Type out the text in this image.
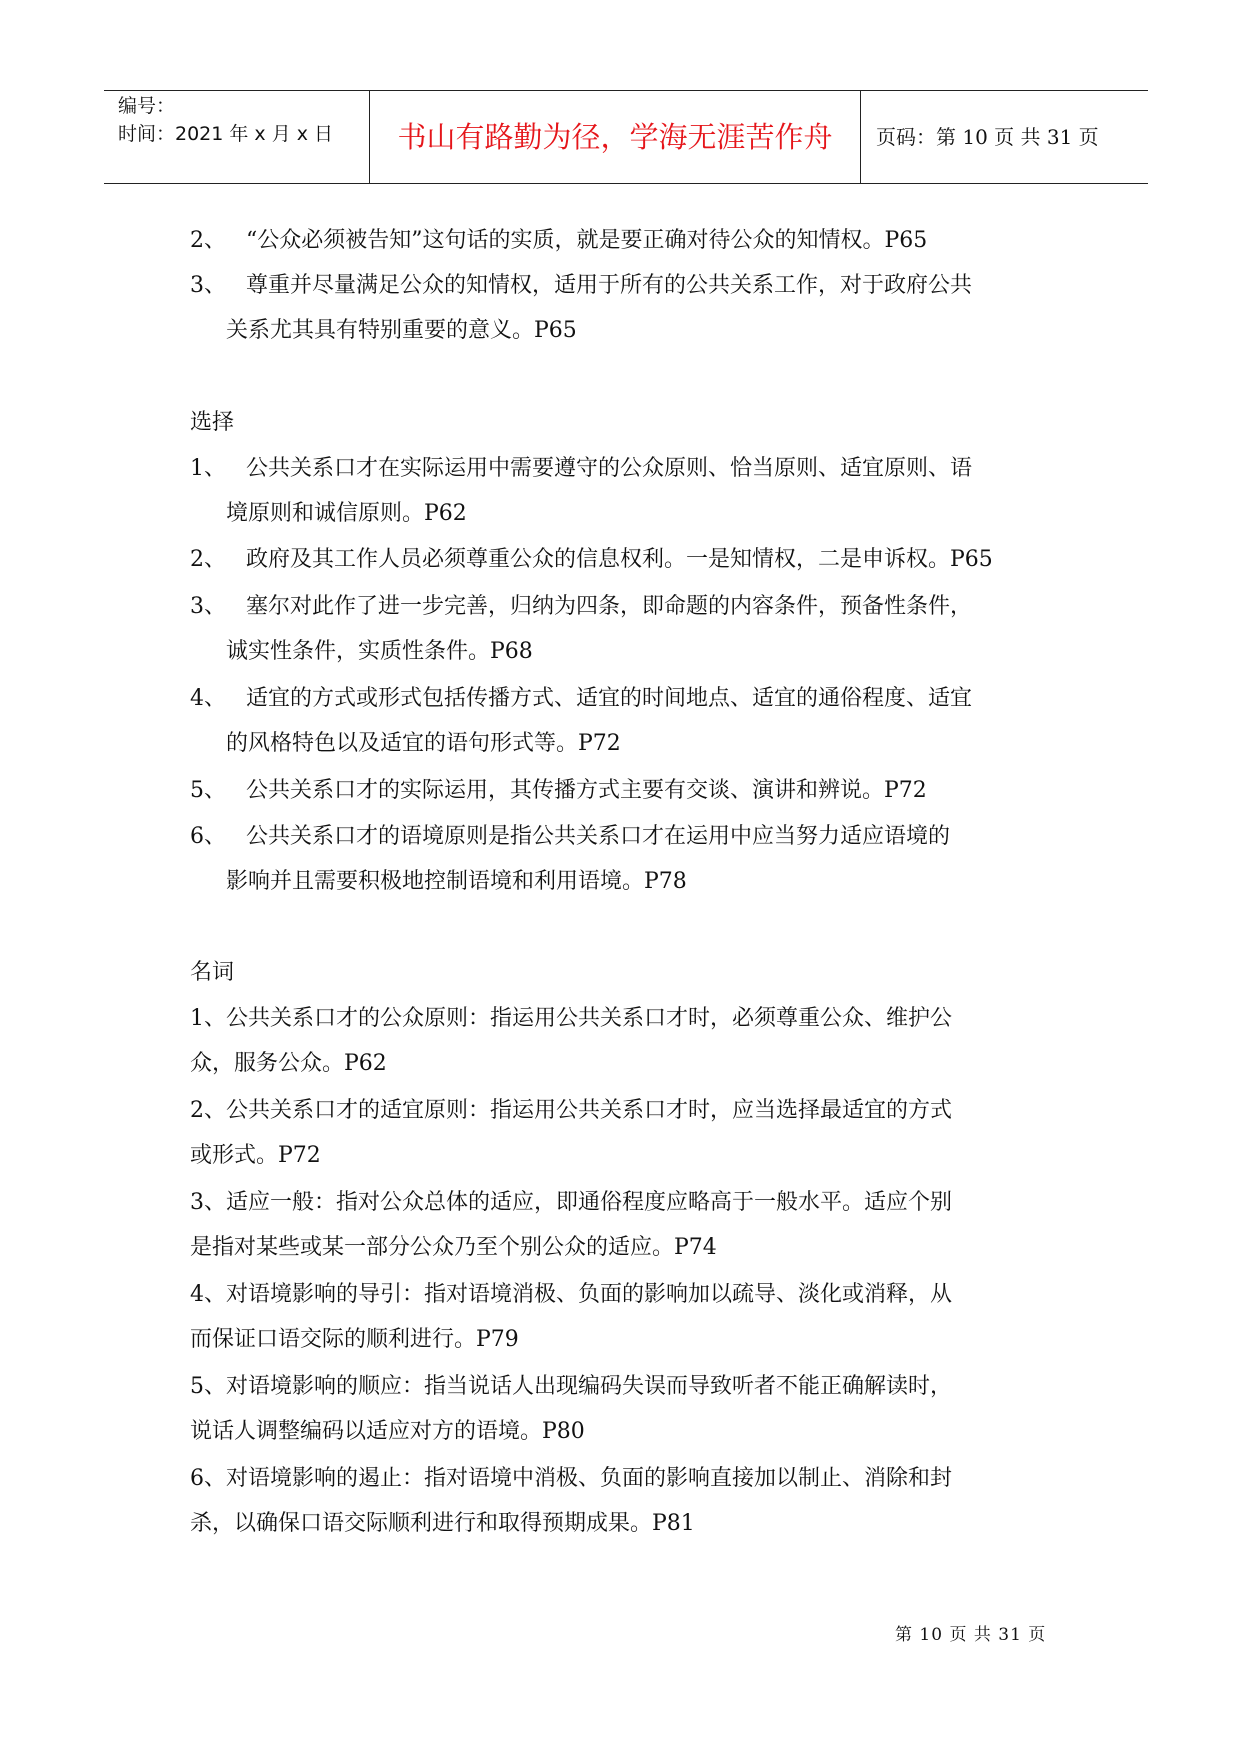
编号：
时间：2021 年 x 月 x 日	书山有路勤为径，学海无涯苦作舟	页码：第 10 页 共 31 页
2、 “公众必须被告知”这句话的实质，就是要正确对待公众的知情权。P65
3、 尊重并尽量满足公众的知情权，适用于所有的公共关系工作，对于政府公共
关系尤其具有特别重要的意义。P65
选择
1、 公共关系口才在实际运用中需要遵守的公众原则、恰当原则、适宜原则、语
境原则和诚信原则。P62
2、 政府及其工作人员必须尊重公众的信息权利。一是知情权，二是申诉权。P65
3、 塞尔对此作了进一步完善，归纳为四条，即命题的内容条件，预备性条件，
诚实性条件，实质性条件。P68
4、 适宜的方式或形式包括传播方式、适宜的时间地点、适宜的通俗程度、适宜
的风格特色以及适宜的语句形式等。P72
5、 公共关系口才的实际运用，其传播方式主要有交谈、演讲和辨说。P72
6、 公共关系口才的语境原则是指公共关系口才在运用中应当努力适应语境的
影响并且需要积极地控制语境和利用语境。P78
名词
1、公共关系口才的公众原则：指运用公共关系口才时，必须尊重公众、维护公
众，服务公众。P62
2、公共关系口才的适宜原则：指运用公共关系口才时，应当选择最适宜的方式
或形式。P72
3、适应一般：指对公众总体的适应，即通俗程度应略高于一般水平。适应个别
是指对某些或某一部分公众乃至个别公众的适应。P74
4、对语境影响的导引：指对语境消极、负面的影响加以疏导、淡化或消释，从
而保证口语交际的顺利进行。P79
5、对语境影响的顺应：指当说话人出现编码失误而导致听者不能正确解读时，
说话人调整编码以适应对方的语境。P80
6、对语境影响的遏止：指对语境中消极、负面的影响直接加以制止、消除和封
杀，以确保口语交际顺利进行和取得预期成果。P81
第 10 页 共 31 页
